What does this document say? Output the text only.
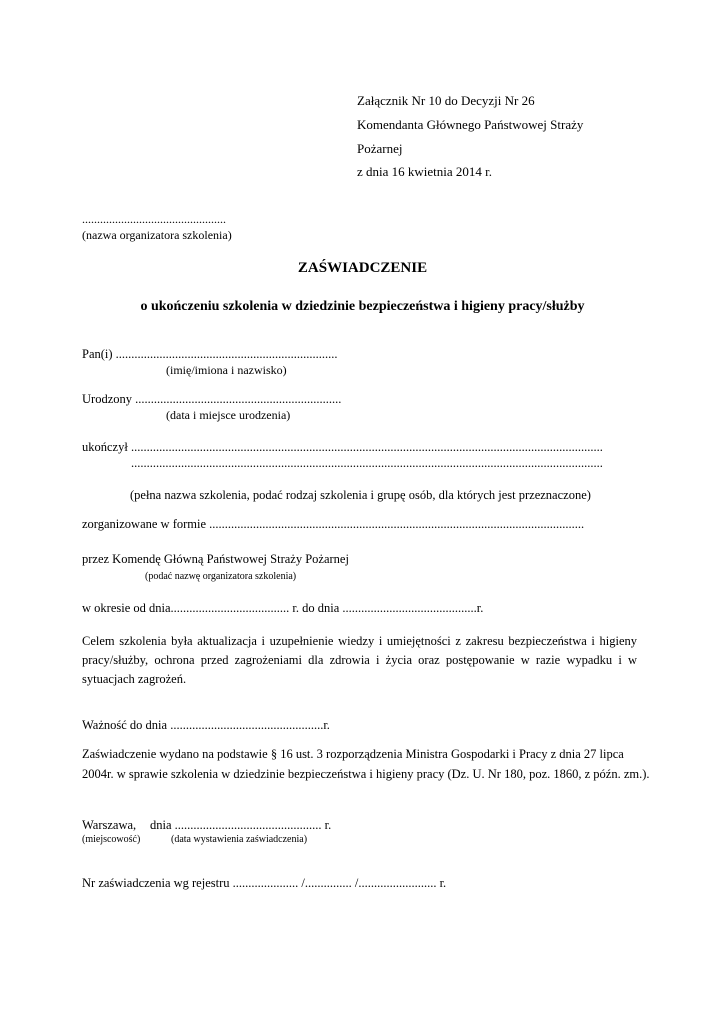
Załącznik Nr 10 do Decyzji Nr 26
Komendanta Głównego Państwowej Straży
Pożarnej
z dnia 16 kwietnia 2014 r.
................................................
(nazwa organizatora szkolenia)
ZAŚWIADCZENIE
o ukończeniu szkolenia w dziedzinie bezpieczeństwa i higieny pracy/służby
Pan(i) .......................................................................
(imię/imiona i nazwisko)
Urodzony ..................................................................
(data i miejsce urodzenia)
ukończył .......................................................................................................................................................
.......................................................................................................................................................
(pełna nazwa szkolenia, podać rodzaj szkolenia i grupę osób, dla których jest przeznaczone)
zorganizowane w formie ........................................................................................................................
przez Komendę Główną Państwowej Straży Pożarnej
(podać nazwę organizatora szkolenia)
w okresie od dnia...................................... r. do dnia ...........................................r.
Celem szkolenia była aktualizacja i uzupełnienie wiedzy i umiejętności z zakresu bezpieczeństwa i higieny pracy/służby, ochrona przed zagrożeniami dla zdrowia i życia oraz postępowanie w razie wypadku i w sytuacjach zagrożeń.
Ważność do dnia .................................................r.
Zaświadczenie wydano na podstawie § 16 ust. 3 rozporządzenia Ministra Gospodarki i Pracy z dnia 27 lipca
2004r. w sprawie szkolenia w dziedzinie bezpieczeństwa i higieny pracy (Dz. U. Nr 180, poz. 1860, z późn. zm.).
Warszawa, dnia ............................................... r.
(miejscowość)	(data wystawienia zaświadczenia)
Nr zaświadczenia wg rejestru ..................... /............... /......................... r.
